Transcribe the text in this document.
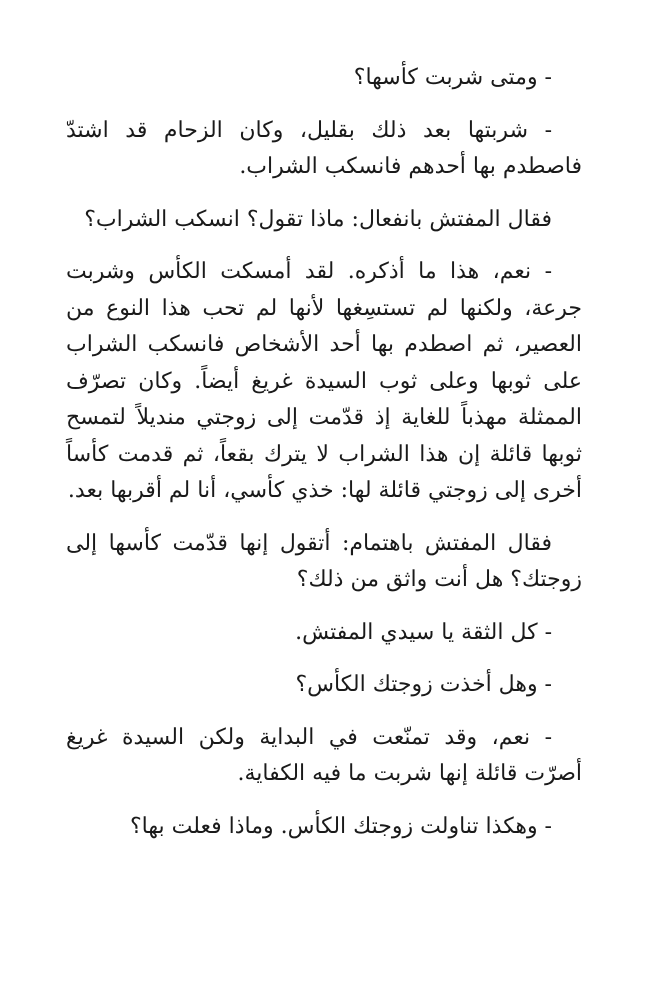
- ومتى شربت كأسها؟

- شربتها بعد ذلك بقليل، وكان الزحام قد اشتدّ فاصطدم بها أحدهم فانسكب الشراب.

فقال المفتش بانفعال: ماذا تقول؟ انسكب الشراب؟

- نعم، هذا ما أذكره. لقد أمسكت الكأس وشربت جرعة، ولكنها لم تستسِغها لأنها لم تحب هذا النوع من العصير، ثم اصطدم بها أحد الأشخاص فانسكب الشراب على ثوبها وعلى ثوب السيدة غريغ أيضاً. وكان تصرّف الممثلة مهذباً للغاية إذ قدّمت إلى زوجتي منديلاً لتمسح ثوبها قائلة إن هذا الشراب لا يترك بقعاً، ثم قدمت كأساً أخرى إلى زوجتي قائلة لها: خذي كأسي، أنا لم أقربها بعد.

فقال المفتش باهتمام: أتقول إنها قدّمت كأسها إلى زوجتك؟ هل أنت واثق من ذلك؟

- كل الثقة يا سيدي المفتش.

- وهل أخذت زوجتك الكأس؟

- نعم، وقد تمنّعت في البداية ولكن السيدة غريغ أصرّت قائلة إنها شربت ما فيه الكفاية.

- وهكذا تناولت زوجتك الكأس. وماذا فعلت بها؟
